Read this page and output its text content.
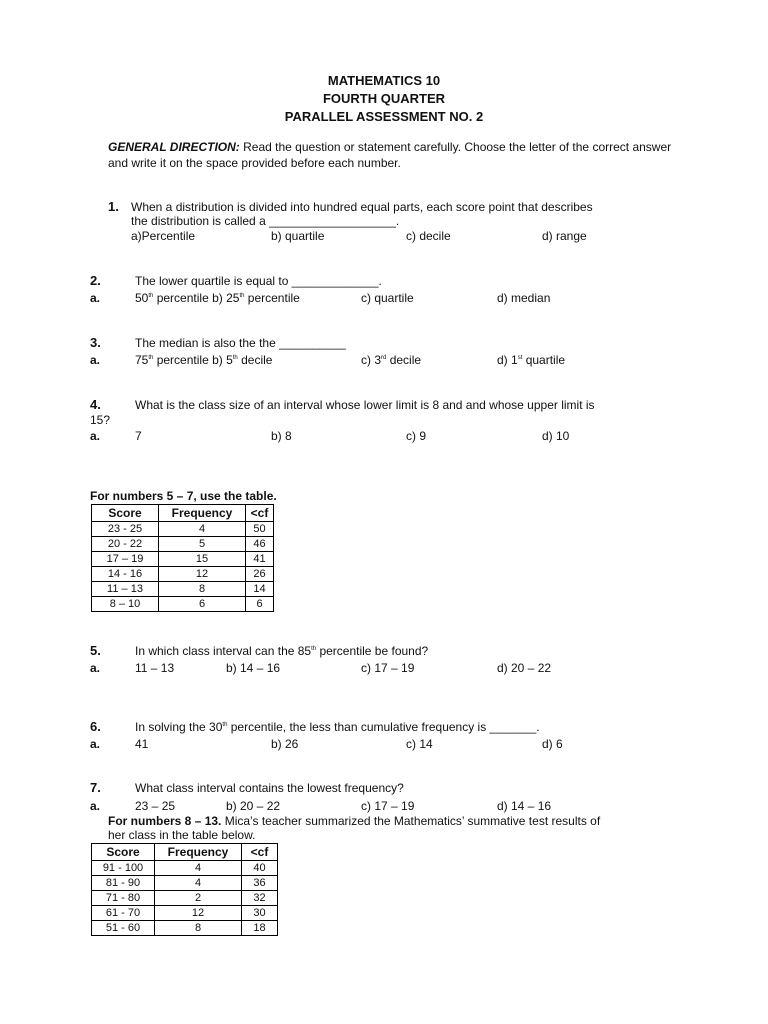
MATHEMATICS 10
FOURTH QUARTER
PARALLEL ASSESSMENT NO. 2
GENERAL DIRECTION: Read the question or statement carefully. Choose the letter of the correct answer and write it on the space provided before each number.
1. When a distribution is divided into hundred equal parts, each score point that describes
the distribution is called a ___________________.
a)Percentile	b) quartile	c) decile	d) range
2.	The lower quartile is equal to _____________.
a.	50th percentile b) 25th percentile	c) quartile	d) median
3.	The median is also the the __________
a.	75th percentile b) 5th decile	c) 3rd decile	d) 1st quartile
4.	What is the class size of an interval whose lower limit is 8 and and whose upper limit is
15?
a.	7	b) 8	c) 9	d) 10
For numbers 5 – 7, use the table.
Score	Frequency	<cf
23 - 25	4	50
20 - 22	5	46
17 – 19	15	41
14 - 16	12	26
11 – 13	8	14
8 – 10	6	6
5.	In which class interval can the 85th percentile be found?
a.	11 – 13	b) 14 – 16	c) 17 – 19	d) 20 – 22
6.	In solving the 30th percentile, the less than cumulative frequency is _______.
a.	41	b) 26	c) 14	d) 6
7.	What class interval contains the lowest frequency?
a.	23 – 25	b) 20 – 22	c) 17 – 19	d) 14 – 16
For numbers 8 – 13. Mica’s teacher summarized the Mathematics’ summative test results of
her class in the table below.
Score	Frequency	<cf
91 - 100	4	40
81 - 90	4	36
71 - 80	2	32
61 - 70	12	30
51 - 60	8	18
